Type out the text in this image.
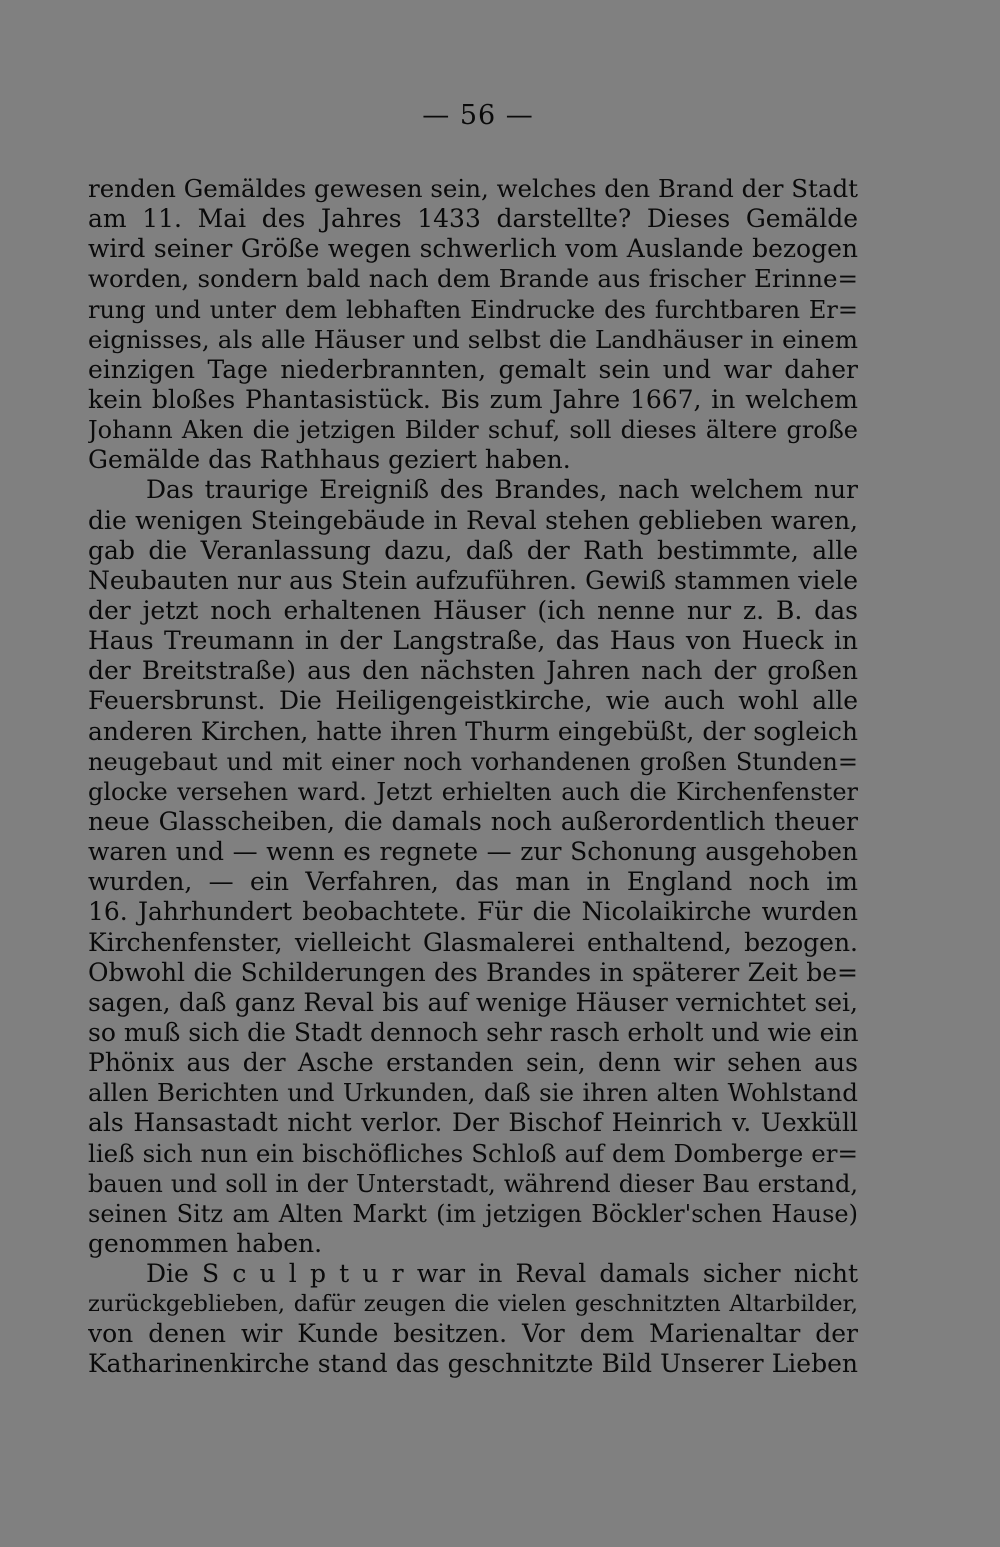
— 56 —
renden Gemäldes gewesen sein, welches den Brand der Stadt
am 11. Mai des Jahres 1433 darstellte? Dieses Gemälde
wird seiner Größe wegen schwerlich vom Auslande bezogen
worden, sondern bald nach dem Brande aus frischer Erinne=
rung und unter dem lebhaften Eindrucke des furchtbaren Er=
eignisses, als alle Häuser und selbst die Landhäuser in einem
einzigen Tage niederbrannten, gemalt sein und war daher
kein bloßes Phantasistück. Bis zum Jahre 1667, in welchem
Johann Aken die jetzigen Bilder schuf, soll dieses ältere große
Gemälde das Rathhaus geziert haben.
Das traurige Ereigniß des Brandes, nach welchem nur
die wenigen Steingebäude in Reval stehen geblieben waren,
gab die Veranlassung dazu, daß der Rath bestimmte, alle
Neubauten nur aus Stein aufzuführen. Gewiß stammen viele
der jetzt noch erhaltenen Häuser (ich nenne nur z. B. das
Haus Treumann in der Langstraße, das Haus von Hueck in
der Breitstraße) aus den nächsten Jahren nach der großen
Feuersbrunst. Die Heiligengeistkirche, wie auch wohl alle
anderen Kirchen, hatte ihren Thurm eingebüßt, der sogleich
neugebaut und mit einer noch vorhandenen großen Stunden=
glocke versehen ward. Jetzt erhielten auch die Kirchenfenster
neue Glasscheiben, die damals noch außerordentlich theuer
waren und — wenn es regnete — zur Schonung ausgehoben
wurden, — ein Verfahren, das man in England noch im
16. Jahrhundert beobachtete. Für die Nicolaikirche wurden
Kirchenfenster, vielleicht Glasmalerei enthaltend, bezogen.
Obwohl die Schilderungen des Brandes in späterer Zeit be=
sagen, daß ganz Reval bis auf wenige Häuser vernichtet sei,
so muß sich die Stadt dennoch sehr rasch erholt und wie ein
Phönix aus der Asche erstanden sein, denn wir sehen aus
allen Berichten und Urkunden, daß sie ihren alten Wohlstand
als Hansastadt nicht verlor. Der Bischof Heinrich v. Uexküll
ließ sich nun ein bischöfliches Schloß auf dem Domberge er=
bauen und soll in der Unterstadt, während dieser Bau erstand,
seinen Sitz am Alten Markt (im jetzigen Böckler'schen Hause)
genommen haben.
Die S c u l p t u r war in Reval damals sicher nicht
zurückgeblieben, dafür zeugen die vielen geschnitzten Altarbilder,
von denen wir Kunde besitzen. Vor dem Marienaltar der
Katharinenkirche stand das geschnitzte Bild Unserer Lieben
